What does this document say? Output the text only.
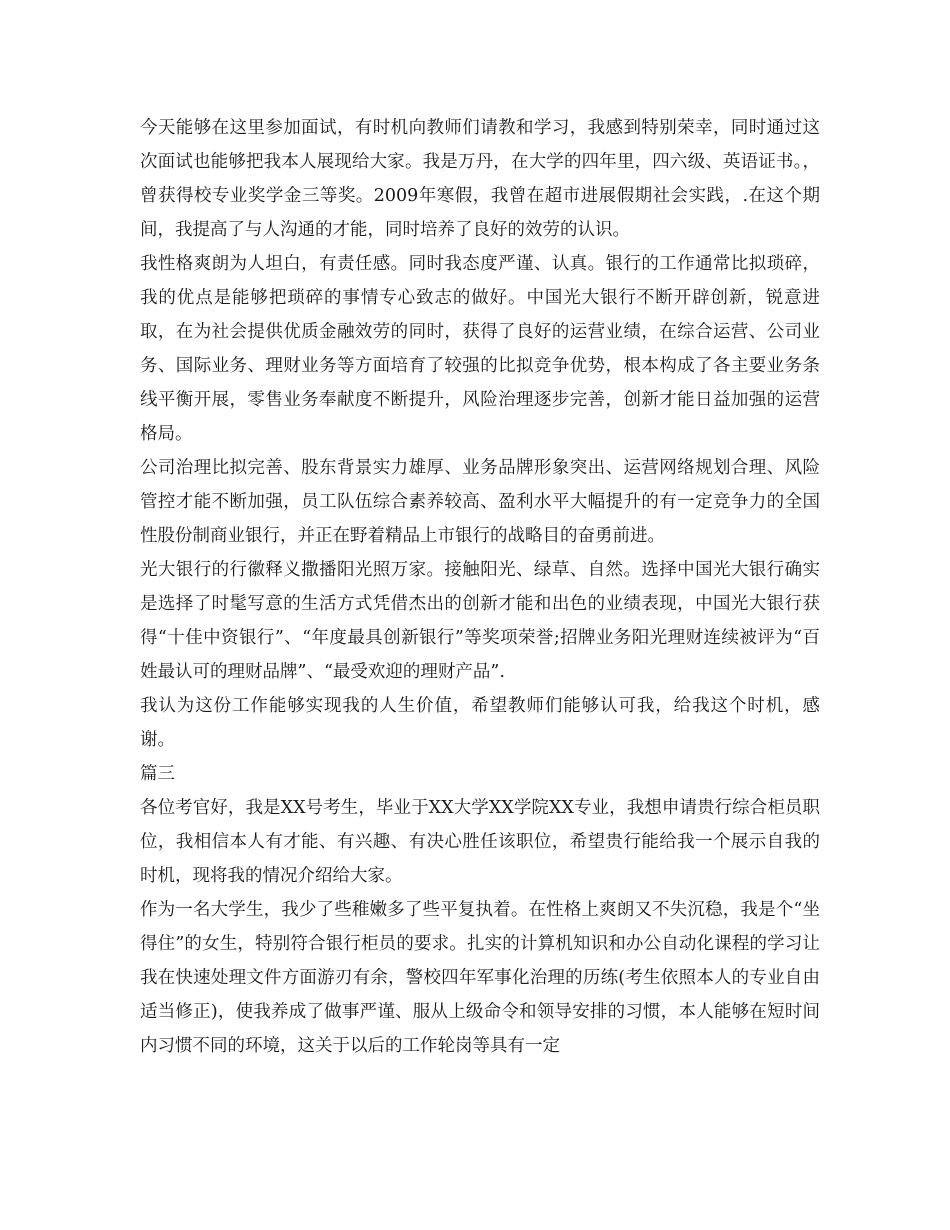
今天能够在这里参加面试，有时机向教师们请教和学习，我感到特别荣幸，同时通过这次面试也能够把我本人展现给大家。我是万丹，在大学的四年里，四六级、英语证书。，曾获得校专业奖学金三等奖。2009年寒假，我曾在超市进展假期社会实践，.在这个期间，我提高了与人沟通的才能，同时培养了良好的效劳的认识。

我性格爽朗为人坦白，有责任感。同时我态度严谨、认真。银行的工作通常比拟琐碎，我的优点是能够把琐碎的事情专心致志的做好。中国光大银行不断开辟创新，锐意进取，在为社会提供优质金融效劳的同时，获得了良好的运营业绩，在综合运营、公司业务、国际业务、理财业务等方面培育了较强的比拟竞争优势，根本构成了各主要业务条线平衡开展，零售业务奉献度不断提升，风险治理逐步完善，创新才能日益加强的运营格局。

公司治理比拟完善、股东背景实力雄厚、业务品牌形象突出、运营网络规划合理、风险管控才能不断加强，员工队伍综合素养较高、盈利水平大幅提升的有一定竞争力的全国性股份制商业银行，并正在野着精品上市银行的战略目的奋勇前进。

光大银行的行徽释义撒播阳光照万家。接触阳光、绿草、自然。选择中国光大银行确实是选择了时髦写意的生活方式凭借杰出的创新才能和出色的业绩表现，中国光大银行获得“十佳中资银行”、“年度最具创新银行”等奖项荣誉;招牌业务阳光理财连续被评为“百姓最认可的理财品牌”、“最受欢迎的理财产品”.

我认为这份工作能够实现我的人生价值，希望教师们能够认可我，给我这个时机，感谢。

篇三

各位考官好，我是XX号考生，毕业于XX大学XX学院XX专业，我想申请贵行综合柜员职位，我相信本人有才能、有兴趣、有决心胜任该职位，希望贵行能给我一个展示自我的时机，现将我的情况介绍给大家。

作为一名大学生，我少了些稚嫩多了些平复执着。在性格上爽朗又不失沉稳，我是个“坐得住”的女生，特别符合银行柜员的要求。扎实的计算机知识和办公自动化课程的学习让我在快速处理文件方面游刃有余，警校四年军事化治理的历练(考生依照本人的专业自由适当修正)，使我养成了做事严谨、服从上级命令和领导安排的习惯，本人能够在短时间内习惯不同的环境，这关于以后的工作轮岗等具有一定
